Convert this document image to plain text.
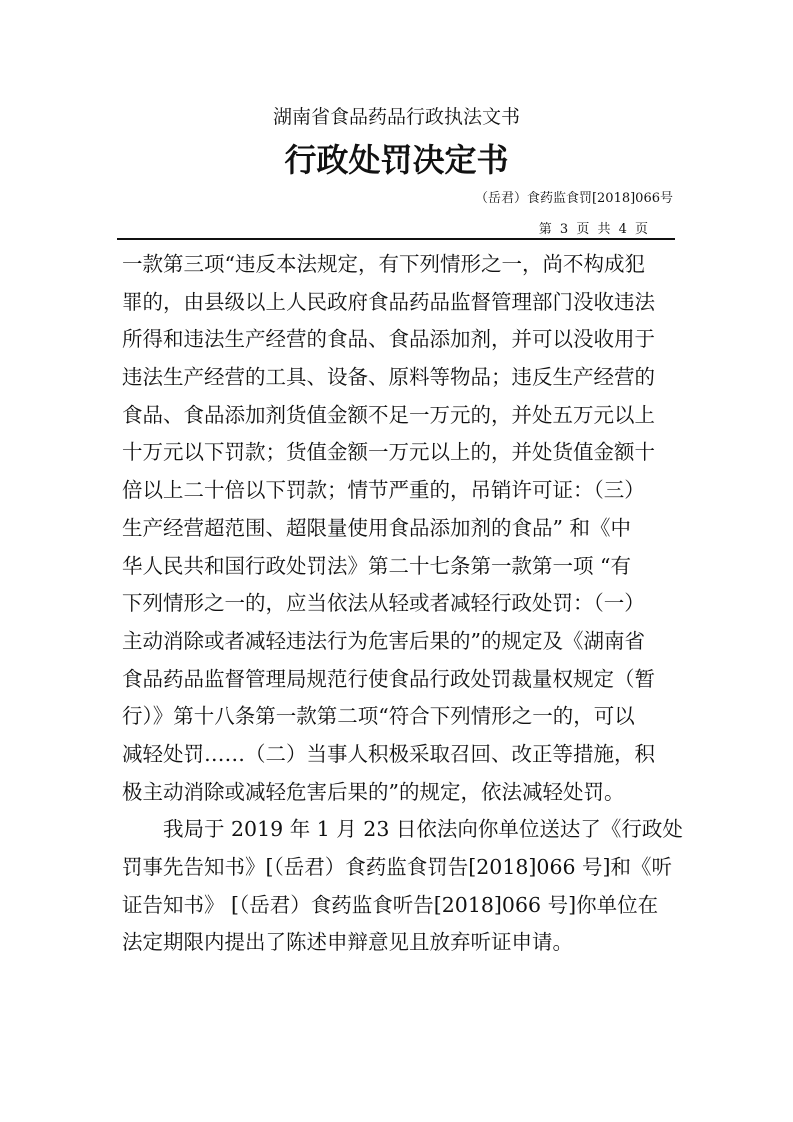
湖南省食品药品行政执法文书
行政处罚决定书
（岳君）食药监食罚[2018]066号
第 3 页 共 4 页
一款第三项“违反本法规定，有下列情形之一，尚不构成犯
罪的，由县级以上人民政府食品药品监督管理部门没收违法
所得和违法生产经营的食品、食品添加剂，并可以没收用于
违法生产经营的工具、设备、原料等物品；违反生产经营的
食品、食品添加剂货值金额不足一万元的，并处五万元以上
十万元以下罚款；货值金额一万元以上的，并处货值金额十
倍以上二十倍以下罚款；情节严重的，吊销许可证：（三）
生产经营超范围、超限量使用食品添加剂的食品” 和《中
华人民共和国行政处罚法》第二十七条第一款第一项 “有
下列情形之一的，应当依法从轻或者减轻行政处罚：（一）
主动消除或者减轻违法行为危害后果的”的规定及《湖南省
食品药品监督管理局规范行使食品行政处罚裁量权规定（暂
行）》第十八条第一款第二项“符合下列情形之一的，可以
减轻处罚……（二）当事人积极采取召回、改正等措施，积
极主动消除或减轻危害后果的”的规定，依法减轻处罚。
我局于 2019 年 1 月 23 日依法向你单位送达了《行政处
罚事先告知书》[（岳君）食药监食罚告[2018]066 号]和《听
证告知书》 [（岳君）食药监食听告[2018]066 号]你单位在
法定期限内提出了陈述申辩意见且放弃听证申请。
